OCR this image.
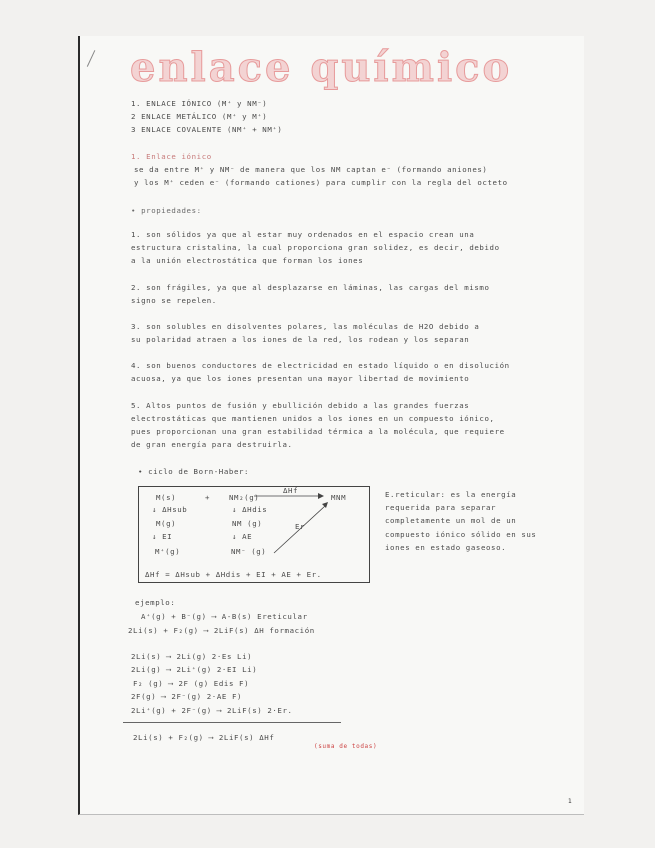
enlace químico
1. ENLACE IÓNICO (M⁺ y NM⁻)
2 ENLACE METÁLICO (M⁺ y M⁺)
3 ENLACE COVALENTE (NM⁺ + NM⁺)
1. Enlace iónico
se da entre M⁺ y NM⁻ de manera que los NM captan e⁻ (formando aniones)
y los M⁺ ceden e⁻ (formando cationes) para cumplir con la regla del octeto
• propiedades:
1. son sólidos ya que al estar muy ordenados en el espacio crean una
estructura cristalina, la cual proporciona gran solidez, es decir, debido
a la unión electrostática que forman los iones
2. son frágiles, ya que al desplazarse en láminas, las cargas del mismo
signo se repelen.
3. son solubles en disolventes polares, las moléculas de H2O debido a
su polaridad atraen a los iones de la red, los rodean y los separan
4. son buenos conductores de electricidad en estado líquido o en disolución
acuosa, ya que los iones presentan una mayor libertad de movimiento
5. Altos puntos de fusión y ebullición debido a las grandes fuerzas
electrostáticas que mantienen unidos a los iones en un compuesto iónico,
pues proporcionan una gran estabilidad térmica a la molécula, que requiere
de gran energía para destruirla.
• ciclo de Born-Haber:
M(s)	+	NM₂(g)
ΔHf
MNM
↓ ΔHsub	↓ ΔHdis
M(g)	NM (g)	Er
↓ EI	↓ AE
M⁺(g)	NM⁻ (g)
ΔHf = ΔHsub + ΔHdis + EI + AE + Er.
E.reticular: es la energía
requerida para separar
completamente un mol de un
compuesto iónico sólido en sus
iones en estado gaseoso.
ejemplo:
A⁺(g) + B⁻(g) ⟶ A-B(s) Ereticular
2Li(s) + F₂(g) ⟶ 2LiF(s) ΔH formación
2Li(s) ⟶ 2Li(g) 2·Es Li)
2Li(g) ⟶ 2Li⁺(g) 2·EI Li)
F₂ (g) ⟶ 2F (g) Edis F)
2F(g) ⟶ 2F⁻(g) 2·AE F)
2Li⁺(g) + 2F⁻(g) ⟶ 2LiF(s) 2·Er.
2Li(s) + F₂(g) ⟶ 2LiF(s) ΔHf
(suma de todas)
1
